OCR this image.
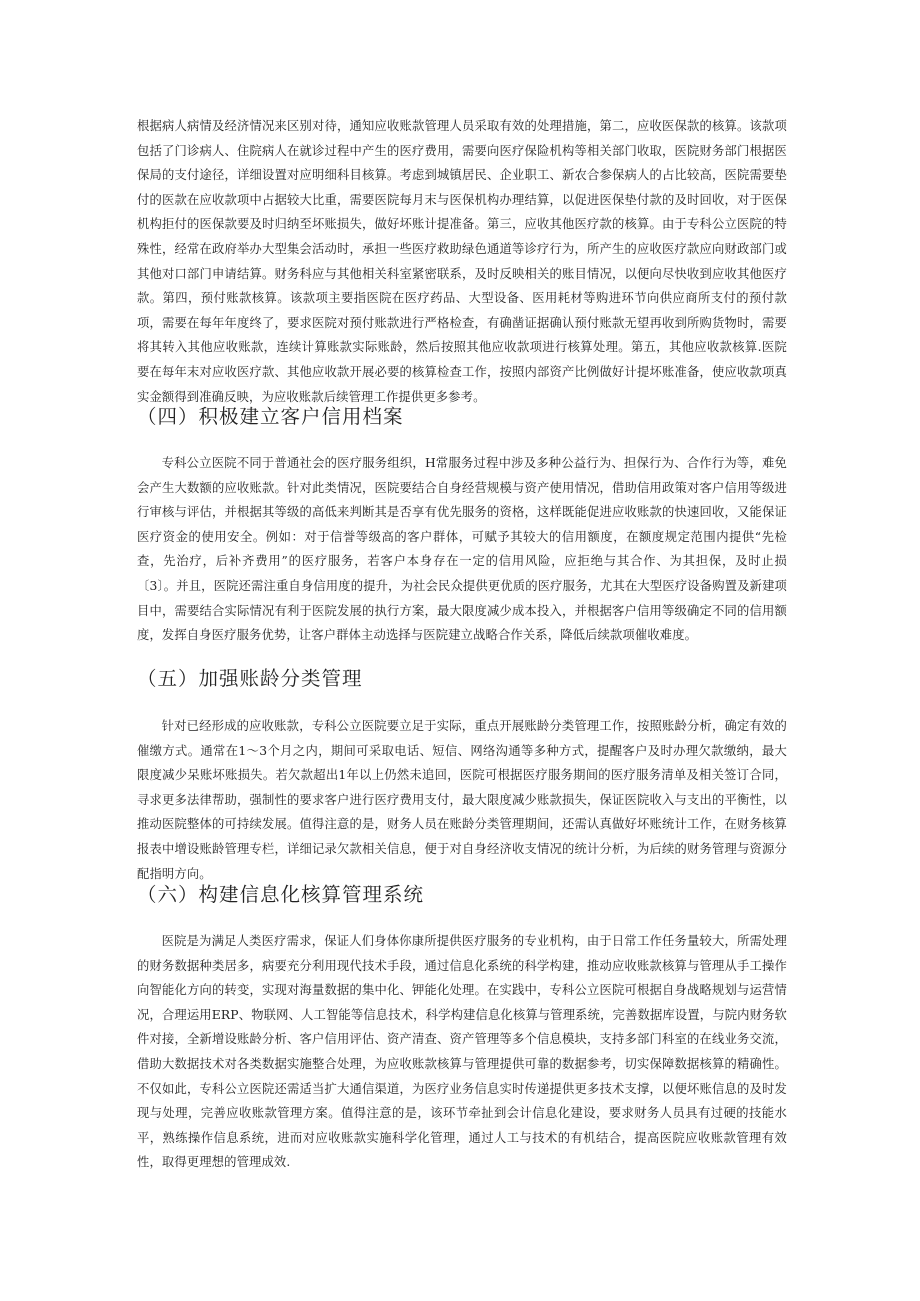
根据病人病情及经济情况来区别对待，通知应收账款管理人员采取有效的处理措施，第二，应收医保款的核算。该款项包括了门诊病人、住院病人在就诊过程中产生的医疗费用，需要向医疗保险机构等相关部门收取，医院财务部门根据医保局的支付途径，详细设置对应明细科目核算。考虑到城镇居民、企业职工、新农合参保病人的占比较高，医院需要垫付的医款在应收款项中占据较大比重，需要医院每月末与医保机构办理结算，以促进医保垫付款的及时回收，对于医保机构拒付的医保款要及时归纳至坏账损失，做好坏账计提准备。第三，应收其他医疗款的核算。由于专科公立医院的特殊性，经常在政府举办大型集会活动时，承担一些医疗救助绿色通道等诊疗行为，所产生的应收医疗款应向财政部门或其他对口部门申请结算。财务科应与其他相关科室紧密联系，及时反映相关的账目情况，以便向尽快收到应收其他医疗款。第四，预付账款核算。该款项主要指医院在医疗药品、大型设备、医用耗材等购进环节向供应商所支付的预付款项，需要在每年年度终了，要求医院对预付账款进行严格检查，有确凿证据确认预付账款无望再收到所购货物时，需要将其转入其他应收账款，连续计算账款实际账龄，然后按照其他应收款项进行核算处理。第五，其他应收款核算.医院要在每年末对应收医疗款、其他应收款开展必要的核算检查工作，按照内部资产比例做好计提坏账准备，使应收款项真实金额得到准确反映，为应收账款后续管理工作提供更多参考。

（四）积极建立客户信用档案

专科公立医院不同于普通社会的医疗服务组织，H常服务过程中涉及多种公益行为、担保行为、合作行为等，难免会产生大数额的应收账款。针对此类情况，医院要结合自身经营规模与资产使用情况，借助信用政策对客户信用等级进行审核与评估，并根据其等级的高低来判断其是否享有优先服务的资格，这样既能促进应收账款的快速回收，又能保证医疗资金的使用安全。例如：对于信誉等级高的客户群体，可赋予其较大的信用额度，在额度规定范围内提供“先检查，先治疗，后补齐费用”的医疗服务，若客户本身存在一定的信用风险，应拒绝与其合作、为其担保，及时止损〔3〕。并且，医院还需注重自身信用度的提升，为社会民众提供更优质的医疗服务，尤其在大型医疗设备购置及新建项目中，需要结合实际情况有利于医院发展的执行方案，最大限度减少成本投入，并根据客户信用等级确定不同的信用额度，发挥自身医疗服务优势，让客户群体主动选择与医院建立战略合作关系，降低后续款项催收难度。

（五）加强账龄分类管理

针对已经形成的应收账款，专科公立医院要立足于实际，重点开展账龄分类管理工作，按照账龄分析，确定有效的催缴方式。通常在1～3个月之内，期间可采取电话、短信、网络沟通等多种方式，提醒客户及时办理欠款缴纳，最大限度减少呆账坏账损失。若欠款超出1年以上仍然未追回，医院可根据医疗服务期间的医疗服务清单及相关签订合同，寻求更多法律帮助，强制性的要求客户进行医疗费用支付，最大限度减少账款损失，保证医院收入与支出的平衡性，以推动医院整体的可持续发展。值得注意的是，财务人员在账龄分类管理期间，还需认真做好坏账统计工作，在财务核算报表中增设账龄管理专栏，详细记录欠款相关信息，便于对自身经济收支情况的统计分析，为后续的财务管理与资源分配指明方向。

（六）构建信息化核算管理系统

医院是为满足人类医疗需求，保证人们身体你康所提供医疗服务的专业机构，由于日常工作任务量较大，所需处理的财务数据种类居多，病要充分利用现代技术手段，通过信息化系统的科学构建，推动应收账款核算与管理从手工操作向智能化方向的转变，实现对海量数据的集中化、钾能化处理。在实践中，专科公立医院可根据自身战略规划与运营情况，合理运用ERP、物联网、人工智能等信息技术，科学构建信息化核算与管理系统，完善数据库设置，与院内财务软件对接，全新增设账龄分析、客户信用评估、资产清查、资产管理等多个信息模块，支持多部门科室的在线业务交流，借助大数据技术对各类数据实施整合处理，为应收账款核算与管理提供可靠的数据参考，切实保障数据核算的精确性。不仅如此，专科公立医院还需适当扩大通信渠道，为医疗业务信息实时传递提供更多技术支撑，以便坏账信息的及时发现与处理，完善应收账款管理方案。值得注意的是，该环节牵扯到会计信息化建设，要求财务人员具有过硬的技能水平，熟练操作信息系统，进而对应收账款实施科学化管理，通过人工与技术的有机结合，提高医院应收账款管理有效性，取得更理想的管理成效.
